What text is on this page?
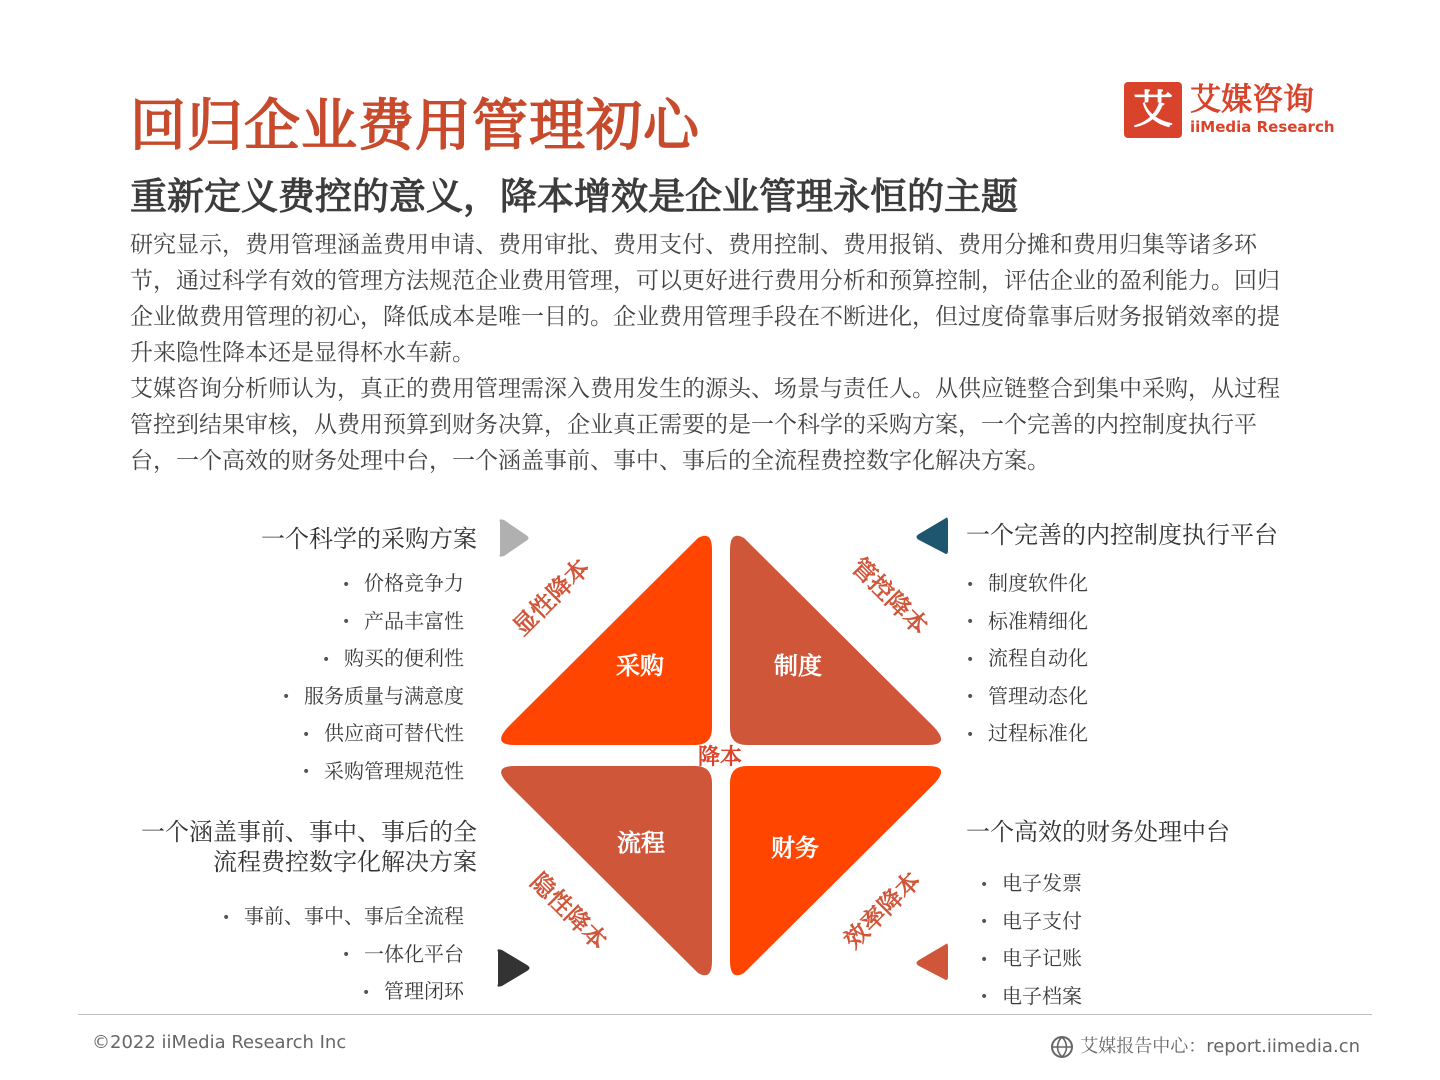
回归企业费用管理初心
重新定义费控的意义，降本增效是企业管理永恒的主题
艾 艾媒咨询
iiMedia Research

研究显示，费用管理涵盖费用申请、费用审批、费用支付、费用控制、费用报销、费用分摊和费用归集等诸多环节，通过科学有效的管理方法规范企业费用管理，可以更好进行费用分析和预算控制，评估企业的盈利能力。回归企业做费用管理的初心，降低成本是唯一目的。企业费用管理手段在不断进化，但过度倚靠事后财务报销效率的提升来隐性降本还是显得杯水车薪。

艾媒咨询分析师认为，真正的费用管理需深入费用发生的源头、场景与责任人。从供应链整合到集中采购，从过程管控到结果审核，从费用预算到财务决算，企业真正需要的是一个科学的采购方案，一个完善的内控制度执行平台，一个高效的财务处理中台，一个涵盖事前、事中、事后的全流程费控数字化解决方案。

采购	制度
流程	财务
降本
显性降本	管控降本
隐性降本	效率降本
一个科学的采购方案
• 价格竞争力
• 产品丰富性
• 购买的便利性
• 服务质量与满意度
• 供应商可替代性
• 采购管理规范性
一个完善的内控制度执行平台
• 制度软件化
• 标准精细化
• 流程自动化
• 管理动态化
• 过程标准化
一个涵盖事前、事中、事后的全
流程费控数字化解决方案
• 事前、事中、事后全流程
• 一体化平台
• 管理闭环
一个高效的财务处理中台
• 电子发票
• 电子支付
• 电子记账
• 电子档案
©2022 iiMedia Research Inc	艾媒报告中心：report.iimedia.cn
